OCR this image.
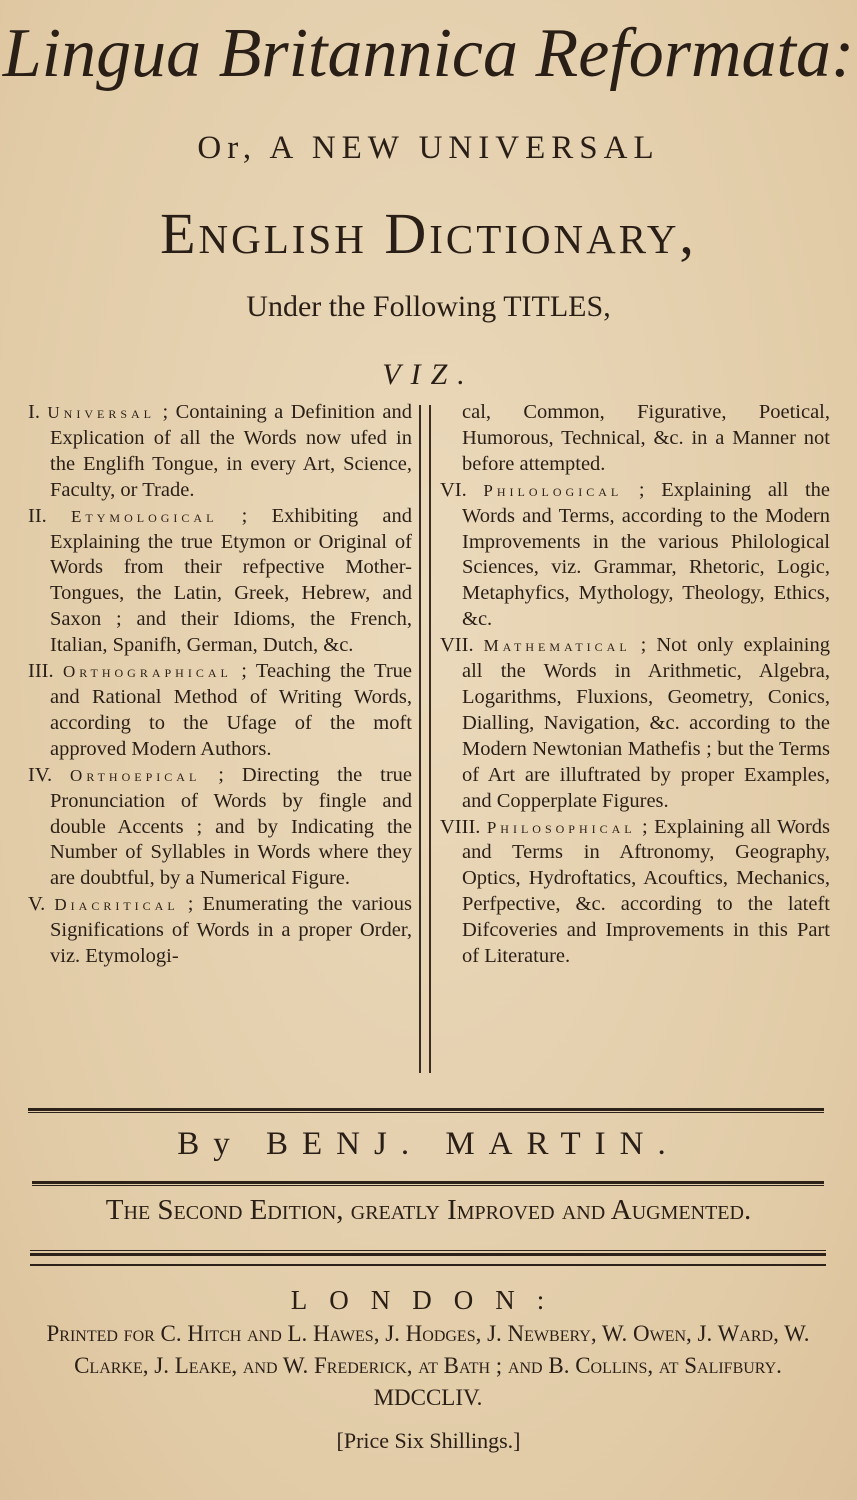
Lingua Britannica Reformata:
Or, A NEW UNIVERSAL
English Dictionary,
Under the Following TITLES,
VIZ.
I. Universal ; Containing a Definition and Explication of all the Words now ufed in the Englifh Tongue, in every Art, Science, Faculty, or Trade.
II. Etymological ; Exhibiting and Explaining the true Etymon or Original of Words from their refpective Mother-Tongues, the Latin, Greek, Hebrew, and Saxon ; and their Idioms, the French, Italian, Spanifh, German, Dutch, &c.
III. Orthographical ; Teaching the True and Rational Method of Writing Words, according to the Ufage of the moft approved Modern Authors.
IV. Orthoepical ; Directing the true Pronunciation of Words by fingle and double Accents ; and by Indicating the Number of Syllables in Words where they are doubtful, by a Numerical Figure.
V. Diacritical ; Enumerating the various Significations of Words in a proper Order, viz. Etymologi-
cal, Common, Figurative, Poetical, Humorous, Technical, &c. in a Manner not before attempted.
VI. Philological ; Explaining all the Words and Terms, according to the Modern Improvements in the various Philological Sciences, viz. Grammar, Rhetoric, Logic, Metaphyfics, Mythology, Theology, Ethics, &c.
VII. Mathematical ; Not only explaining all the Words in Arithmetic, Algebra, Logarithms, Fluxions, Geometry, Conics, Dialling, Navigation, &c. according to the Modern Newtonian Mathefis ; but the Terms of Art are illuftrated by proper Examples, and Copperplate Figures.
VIII. Philosophical ; Explaining all Words and Terms in Aftronomy, Geography, Optics, Hydroftatics, Acouftics, Mechanics, Perfpective, &c. according to the lateft Difcoveries and Improvements in this Part of Literature.
By BENJ. MARTIN.
The Second Edition, greatly Improved and Augmented.
LONDON:
Printed for C. Hitch and L. Hawes, J. Hodges, J. Newbery, W. Owen, J. Ward, W. Clarke, J. Leake, and W. Frederick, at Bath ; and B. Collins, at Salifbury. MDCCLIV.
[Price Six Shillings.]
